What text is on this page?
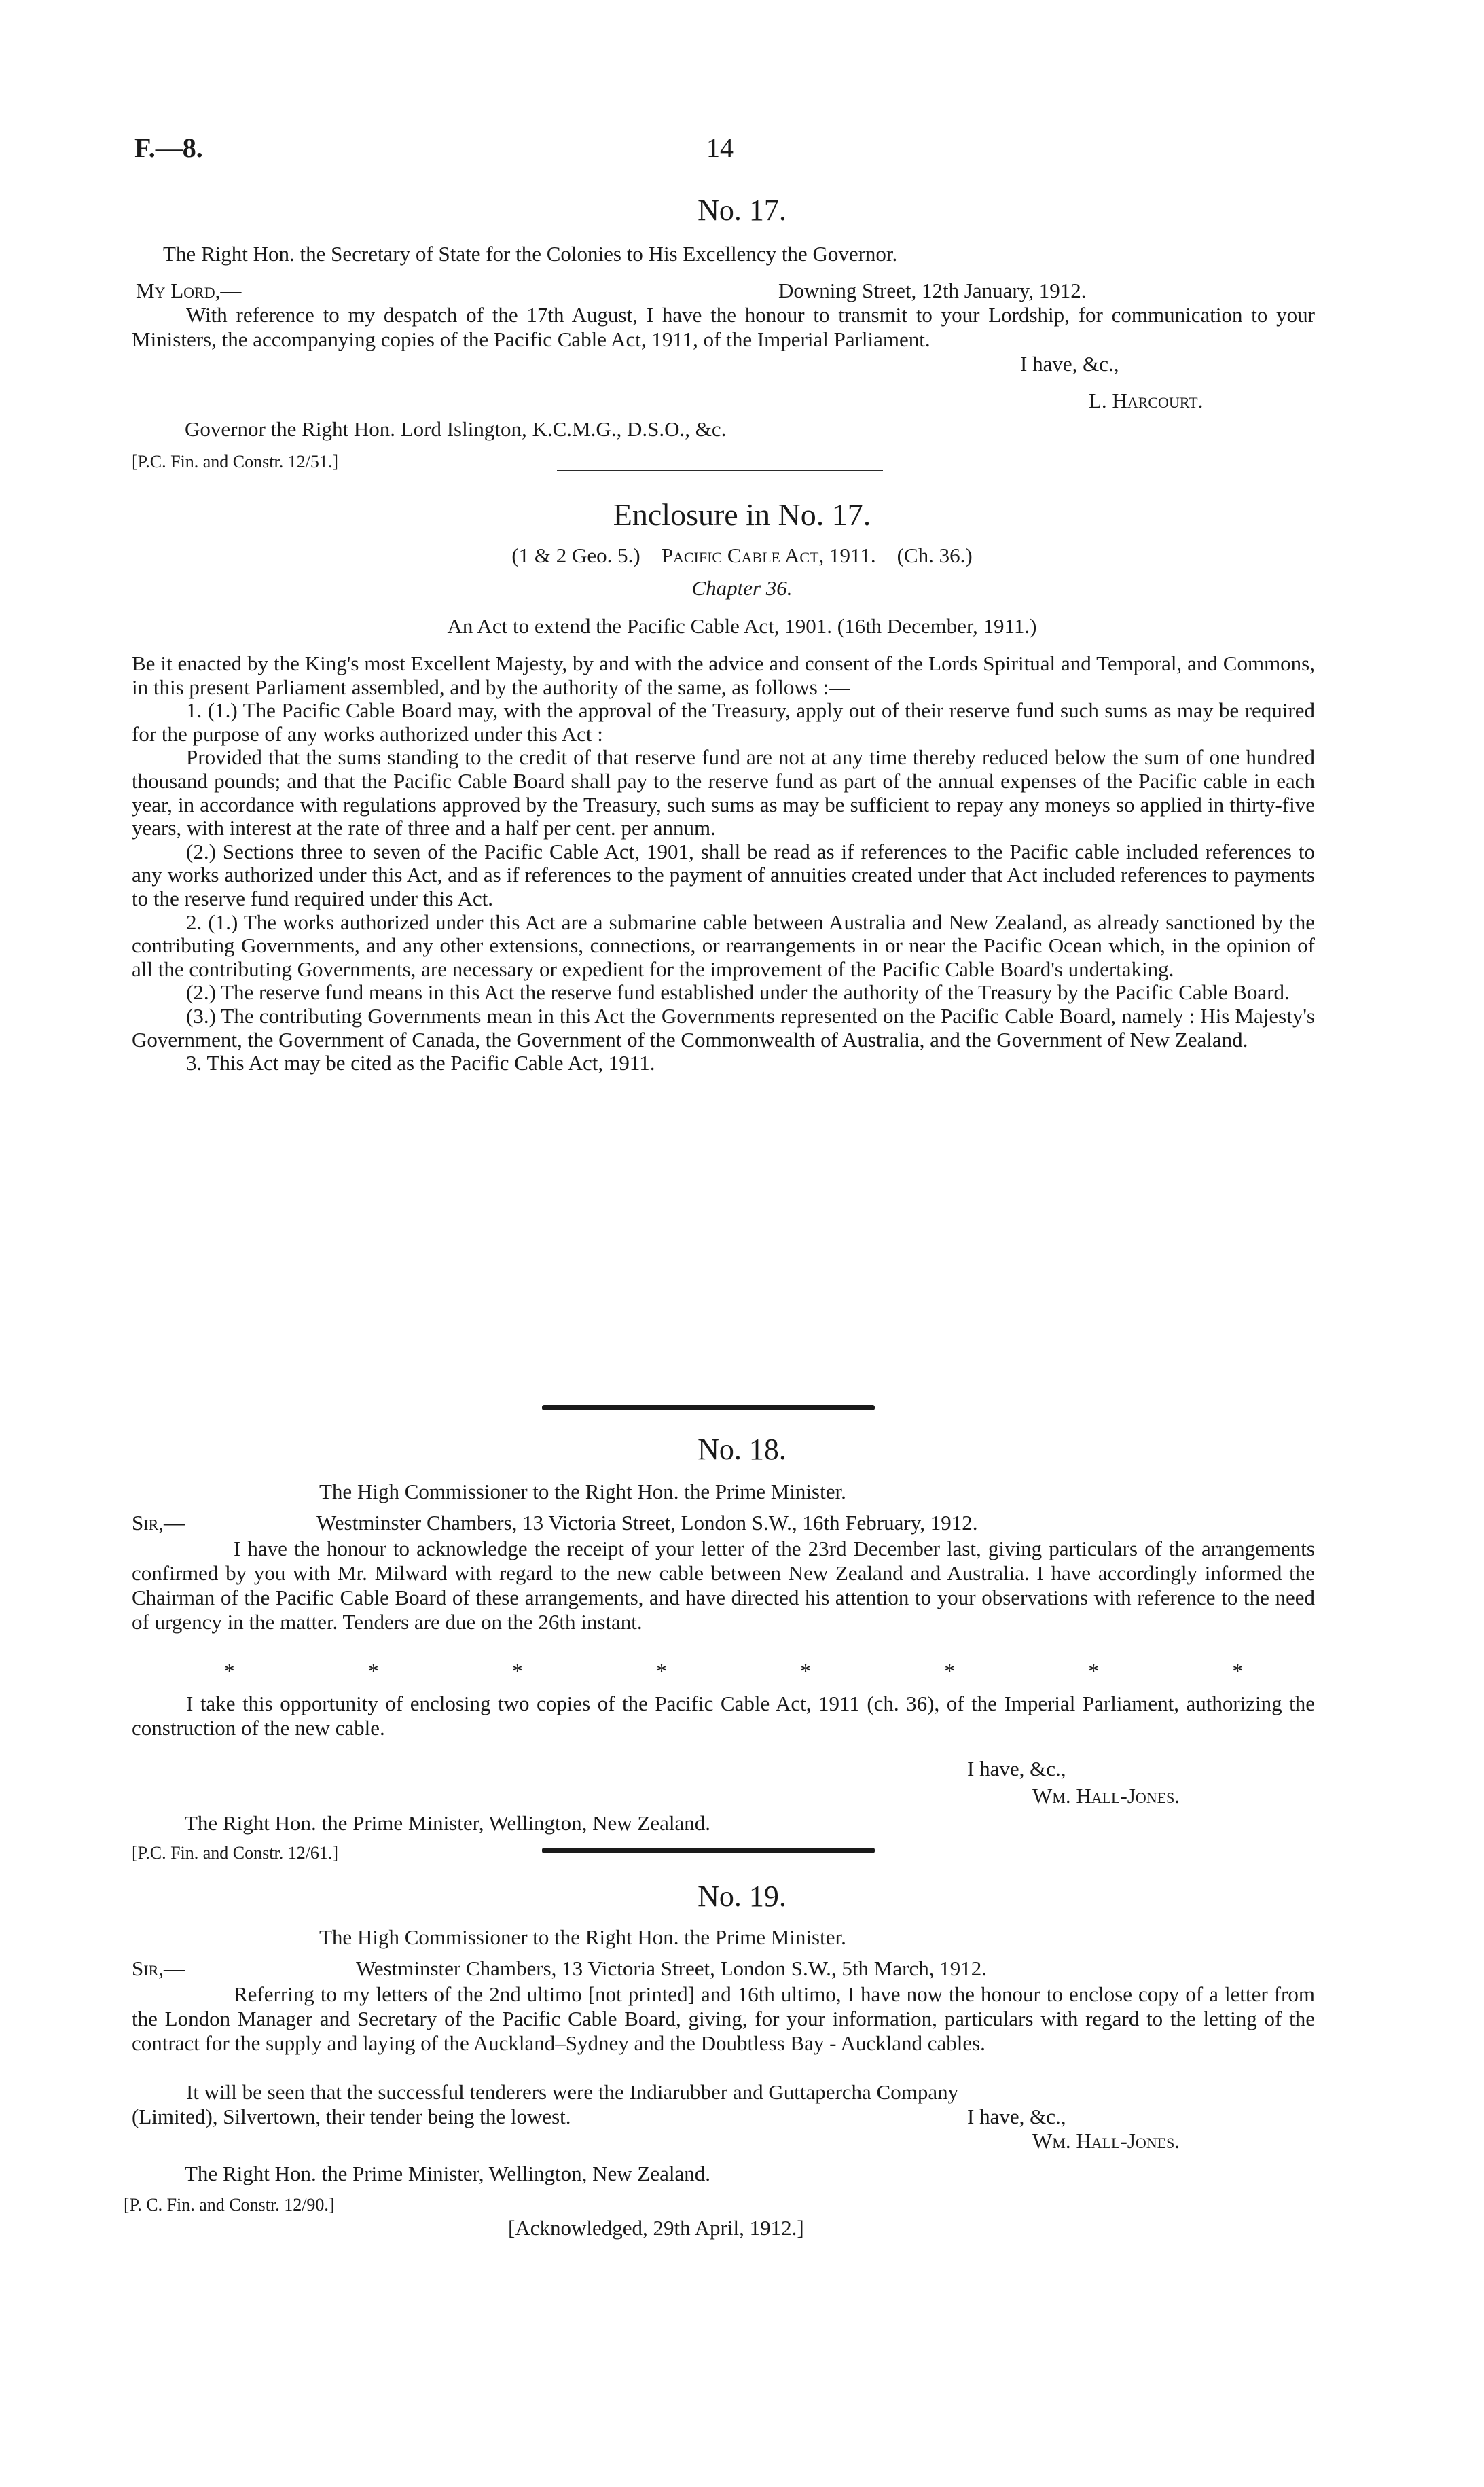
F.—8.	14
No. 17.
The Right Hon. the Secretary of State for the Colonies to His Excellency the Governor.
My Lord,—	Downing Street, 12th January, 1912.

With reference to my despatch of the 17th August, I have the honour to transmit to your Lordship, for communication to your Ministers, the accompanying copies of the Pacific Cable Act, 1911, of the Imperial Parliament.

I have, &c.,
L. Harcourt.
Governor the Right Hon. Lord Islington, K.C.M.G., D.S.O., &c.
[P.C. Fin. and Constr. 12/51.]
Enclosure in No. 17.
(1 & 2 Geo. 5.) Pacific Cable Act, 1911. (Ch. 36.)
Chapter 36.
An Act to extend the Pacific Cable Act, 1901. (16th December, 1911.)

Be it enacted by the King's most Excellent Majesty, by and with the advice and consent of the Lords Spiritual and Temporal, and Commons, in this present Parliament assembled, and by the authority of the same, as follows :—

1. (1.) The Pacific Cable Board may, with the approval of the Treasury, apply out of their reserve fund such sums as may be required for the purpose of any works authorized under this Act :

Provided that the sums standing to the credit of that reserve fund are not at any time thereby reduced below the sum of one hundred thousand pounds; and that the Pacific Cable Board shall pay to the reserve fund as part of the annual expenses of the Pacific cable in each year, in accordance with regulations approved by the Treasury, such sums as may be sufficient to repay any moneys so applied in thirty-five years, with interest at the rate of three and a half per cent. per annum.

(2.) Sections three to seven of the Pacific Cable Act, 1901, shall be read as if references to the Pacific cable included references to any works authorized under this Act, and as if references to the payment of annuities created under that Act included references to payments to the reserve fund required under this Act.

2. (1.) The works authorized under this Act are a submarine cable between Australia and New Zealand, as already sanctioned by the contributing Governments, and any other extensions, connections, or rearrangements in or near the Pacific Ocean which, in the opinion of all the contributing Governments, are necessary or expedient for the improvement of the Pacific Cable Board's undertaking.

(2.) The reserve fund means in this Act the reserve fund established under the authority of the Treasury by the Pacific Cable Board.

(3.) The contributing Governments mean in this Act the Governments represented on the Pacific Cable Board, namely : His Majesty's Government, the Government of Canada, the Government of the Commonwealth of Australia, and the Government of New Zealand.

3. This Act may be cited as the Pacific Cable Act, 1911.

No. 18.
The High Commissioner to the Right Hon. the Prime Minister.
Sir,—	Westminster Chambers, 13 Victoria Street, London S.W., 16th February, 1912.

I have the honour to acknowledge the receipt of your letter of the 23rd December last, giving particulars of the arrangements confirmed by you with Mr. Milward with regard to the new cable between New Zealand and Australia. I have accordingly informed the Chairman of the Pacific Cable Board of these arrangements, and have directed his attention to your observations with reference to the need of urgency in the matter. Tenders are due on the 26th instant.

*	*	*	*	*	*	*	*

I take this opportunity of enclosing two copies of the Pacific Cable Act, 1911 (ch. 36), of the Imperial Parliament, authorizing the construction of the new cable.

I have, &c.,
Wm. Hall-Jones.
The Right Hon. the Prime Minister, Wellington, New Zealand.
[P.C. Fin. and Constr. 12/61.]
No. 19.
The High Commissioner to the Right Hon. the Prime Minister.
Sir,—	Westminster Chambers, 13 Victoria Street, London S.W., 5th March, 1912.

Referring to my letters of the 2nd ultimo [not printed] and 16th ultimo, I have now the honour to enclose copy of a letter from the London Manager and Secretary of the Pacific Cable Board, giving, for your information, particulars with regard to the letting of the contract for the supply and laying of the Auckland–Sydney and the Doubtless Bay - Auckland cables.

It will be seen that the successful tenderers were the Indiarubber and Guttapercha Company (Limited), Silvertown, their tender being the lowest.	I have, &c.,
Wm. Hall-Jones.
The Right Hon. the Prime Minister, Wellington, New Zealand.
[P. C. Fin. and Constr. 12/90.]
[Acknowledged, 29th April, 1912.]
